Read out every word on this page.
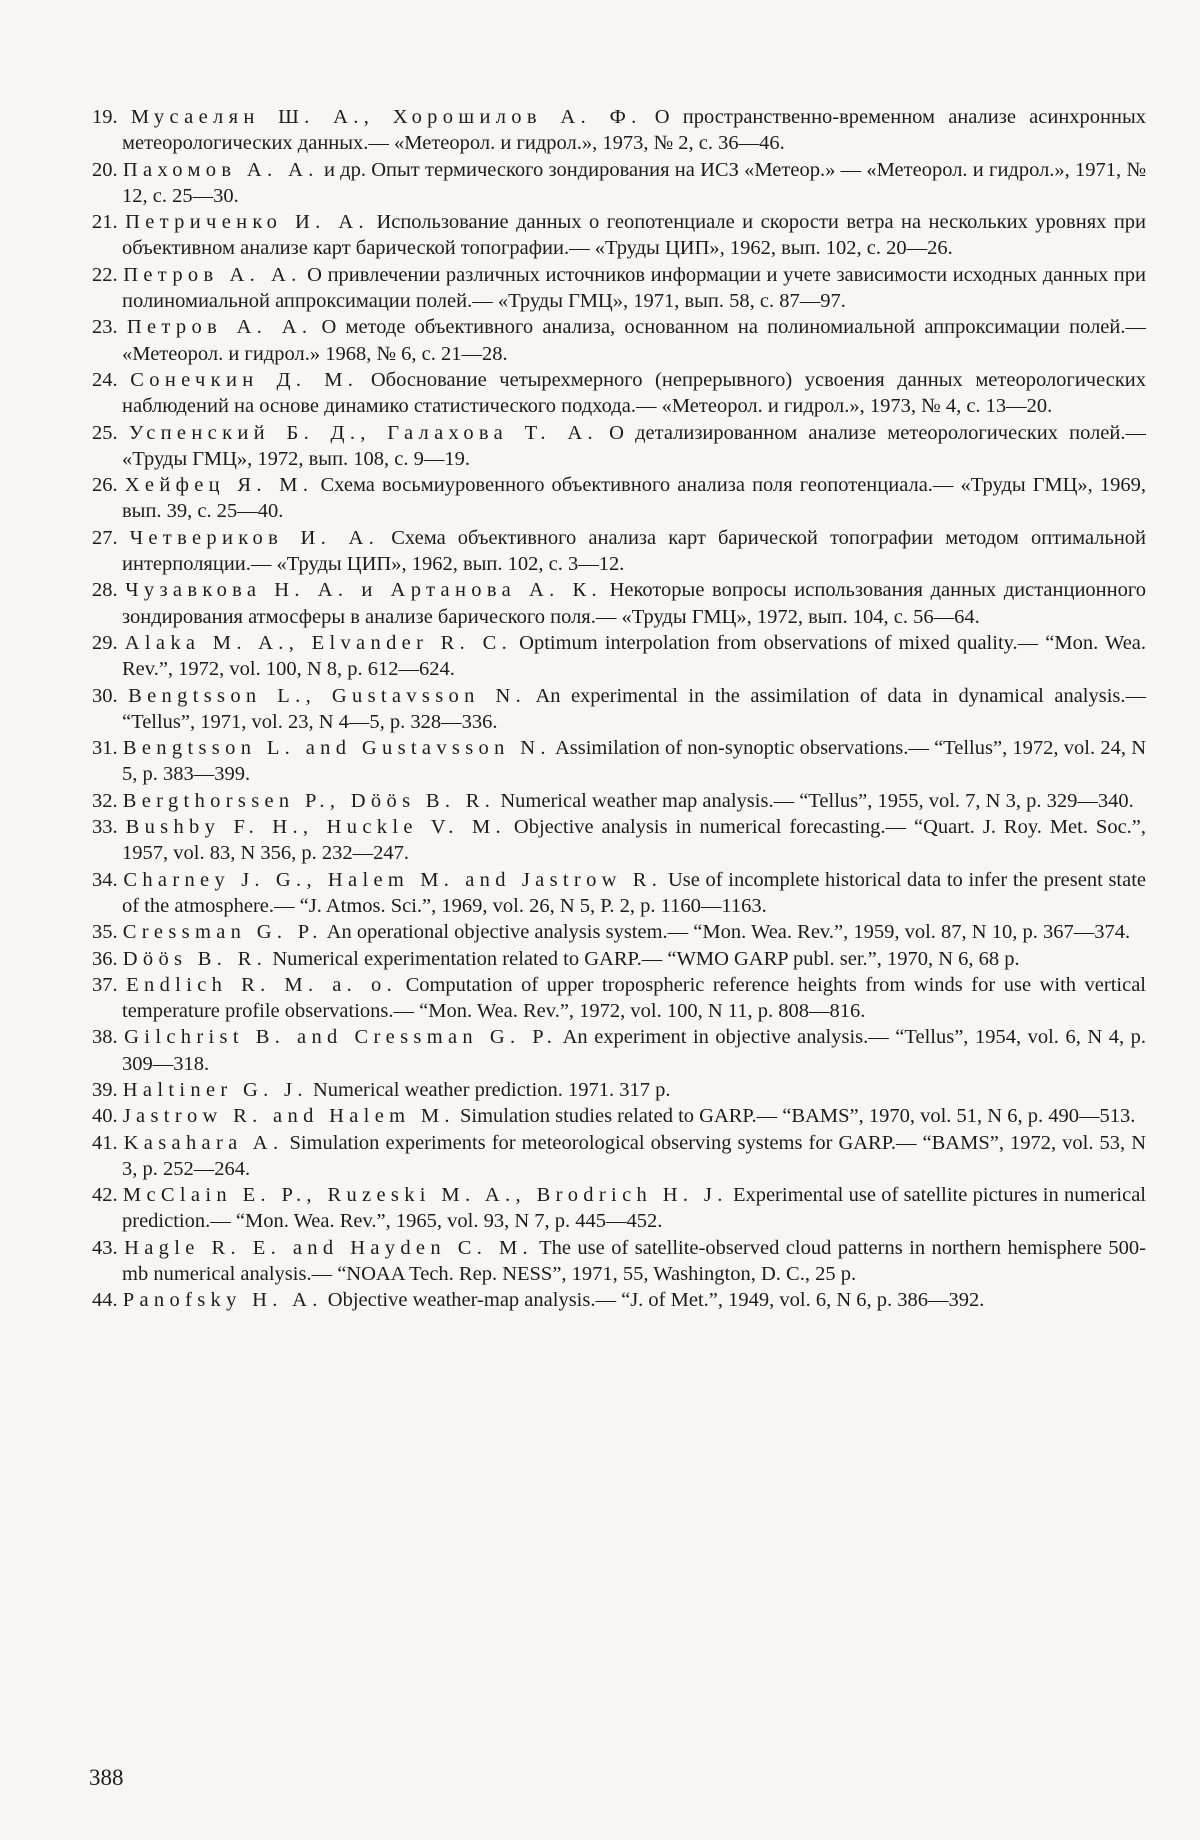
19. Мусаелян Ш. А., Хорошилов А. Ф. О пространственно-временном анализе асинхронных метеорологических данных.— «Метеорол. и гидрол.», 1973, № 2, с. 36—46.

20. Пахомов А. А. и др. Опыт термического зондирования на ИСЗ «Метеор.» — «Метеорол. и гидрол.», 1971, № 12, с. 25—30.

21. Петриченко И. А. Использование данных о геопотенциале и скорости ветра на нескольких уровнях при объективном анализе карт барической топографии.— «Труды ЦИП», 1962, вып. 102, с. 20—26.

22. Петров А. А. О привлечении различных источников информации и учете зависимости исходных данных при полиномиальной аппроксимации полей.— «Труды ГМЦ», 1971, вып. 58, с. 87—97.

23. Петров А. А. О методе объективного анализа, основанном на полиномиальной аппроксимации полей.— «Метеорол. и гидрол.» 1968, № 6, с. 21—28.

24. Сонечкин Д. М. Обоснование четырехмерного (непрерывного) усвоения данных метеорологических наблюдений на основе динамико статистического подхода.— «Метеорол. и гидрол.», 1973, № 4, с. 13—20.

25. Успенский Б. Д., Галахова Т. А. О детализированном анализе метеорологических полей.— «Труды ГМЦ», 1972, вып. 108, с. 9—19.

26. Хейфец Я. М. Схема восьмиуровенного объективного анализа поля геопотенциала.— «Труды ГМЦ», 1969, вып. 39, с. 25—40.

27. Четвериков И. А. Схема объективного анализа карт барической топографии методом оптимальной интерполяции.— «Труды ЦИП», 1962, вып. 102, с. 3—12.

28. Чузавкова Н. А. и Артанова А. К. Некоторые вопросы использования данных дистанционного зондирования атмосферы в анализе барического поля.— «Труды ГМЦ», 1972, вып. 104, с. 56—64.

29. Alaka M. A., Elvander R. C. Optimum interpolation from observations of mixed quality.— “Mon. Wea. Rev.”, 1972, vol. 100, N 8, p. 612—624.

30. Bengtsson L., Gustavsson N. An experimental in the assimilation of data in dynamical analysis.— “Tellus”, 1971, vol. 23, N 4—5, p. 328—336.

31. Bengtsson L. and Gustavsson N. Assimilation of non-synoptic observations.— “Tellus”, 1972, vol. 24, N 5, p. 383—399.

32. Bergthorssen P., Döös B. R. Numerical weather map analysis.— “Tellus”, 1955, vol. 7, N 3, p. 329—340.

33. Bushby F. H., Huckle V. M. Objective analysis in numerical forecasting.— “Quart. J. Roy. Met. Soc.”, 1957, vol. 83, N 356, p. 232—247.

34. Charney J. G., Halem M. and Jastrow R. Use of incomplete historical data to infer the present state of the atmosphere.— “J. Atmos. Sci.”, 1969, vol. 26, N 5, P. 2, p. 1160—1163.

35. Cressman G. P. An operational objective analysis system.— “Mon. Wea. Rev.”, 1959, vol. 87, N 10, p. 367—374.

36. Döös B. R. Numerical experimentation related to GARP.— “WMO GARP publ. ser.”, 1970, N 6, 68 p.

37. Endlich R. M. a. o. Computation of upper tropospheric reference heights from winds for use with vertical temperature profile observations.— “Mon. Wea. Rev.”, 1972, vol. 100, N 11, p. 808—816.

38. Gilchrist B. and Cressman G. P. An experiment in objective analysis.— “Tellus”, 1954, vol. 6, N 4, p. 309—318.

39. Haltiner G. J. Numerical weather prediction. 1971. 317 p.

40. Jastrow R. and Halem M. Simulation studies related to GARP.— “BAMS”, 1970, vol. 51, N 6, p. 490—513.

41. Kasahara A. Simulation experiments for meteorological observing systems for GARP.— “BAMS”, 1972, vol. 53, N 3, p. 252—264.

42. McClain E. P., Ruzeski M. A., Brodrich H. J. Experimental use of satellite pictures in numerical prediction.— “Mon. Wea. Rev.”, 1965, vol. 93, N 7, p. 445—452.

43. Hagle R. E. and Hayden C. M. The use of satellite-observed cloud patterns in northern hemisphere 500-mb numerical analysis.— “NOAA Tech. Rep. NESS”, 1971, 55, Washington, D. C., 25 p.

44. Panofsky H. A. Objective weather-map analysis.— “J. of Met.”, 1949, vol. 6, N 6, p. 386—392.

388
